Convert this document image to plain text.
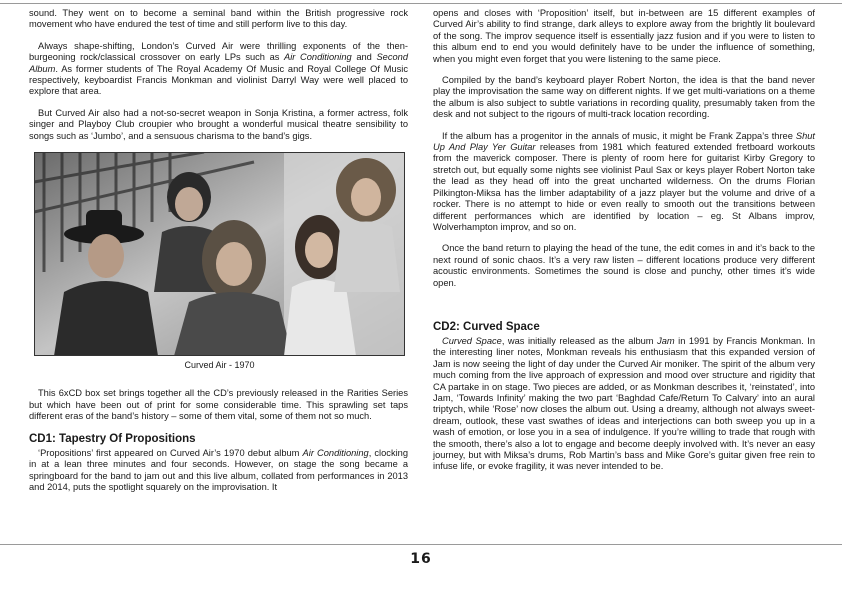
sound. They went on to become a seminal band within the British progressive rock movement who have endured the test of time and still perform live to this day.

Always shape-shifting, London’s Curved Air were thrilling exponents of the then-burgeoning rock/classical crossover on early LPs such as Air Conditioning and Second Album. As former students of The Royal Academy Of Music and Royal College Of Music respectively, keyboardist Francis Monkman and violinist Darryl Way were well placed to explore that area.

But Curved Air also had a not-so-secret weapon in Sonja Kristina, a former actress, folk singer and Playboy Club croupier who brought a wonderful musical theatre sensibility to songs such as ‘Jumbo’, and a sensuous charisma to the band’s gigs.

Curved Air - 1970

This 6xCD box set brings together all the CD’s previously released in the Rarities Series but which have been out of print for some considerable time. This sprawling set taps different eras of the band’s history – some of them vital, some of them not so much.

CD1: Tapestry Of Propositions

‘Propositions’ first appeared on Curved Air’s 1970 debut album Air Conditioning, clocking in at a lean three minutes and four seconds. However, on stage the song became a springboard for the band to jam out and this live album, collated from performances in 2013 and 2014, puts the spotlight squarely on the improvisation. It

opens and closes with ‘Proposition’ itself, but in-between are 15 different examples of Curved Air’s ability to find strange, dark alleys to explore away from the brightly lit boulevard of the song. The improv sequence itself is essentially jazz fusion and if you were to listen to this album end to end you would definitely have to be under the influence of something, when you might even forget that you were listening to the same piece.

Compiled by the band’s keyboard player Robert Norton, the idea is that the band never play the improvisation the same way on different nights. If we get multi-variations on a theme the album is also subject to subtle variations in recording quality, presumably taken from the desk and not subject to the rigours of multi-track location recording.

If the album has a progenitor in the annals of music, it might be Frank Zappa’s three Shut Up And Play Yer Guitar releases from 1981 which featured extended fretboard workouts from the maverick composer. There is plenty of room here for guitarist Kirby Gregory to stretch out, but equally some nights see violinist Paul Sax or keys player Robert Norton take the lead as they head off into the great uncharted wilderness. On the drums Florian Pilkington-Miksa has the limber adaptability of a jazz player but the volume and drive of a rocker. There is no attempt to hide or even really to smooth out the transitions between different performances which are identified by location – eg. St Albans improv, Wolverhampton improv, and so on.

Once the band return to playing the head of the tune, the edit comes in and it’s back to the next round of sonic chaos. It’s a very raw listen – different locations produce very different acoustic environments. Sometimes the sound is close and punchy, other times it’s wide open.

CD2: Curved Space

Curved Space, was initially released as the album Jam in 1991 by Francis Monkman. In the interesting liner notes, Monkman reveals his enthusiasm that this expanded version of Jam is now seeing the light of day under the Curved Air moniker. The spirit of the album very much coming from the live approach of expression and mood over structure and rigidity that CA partake in on stage. Two pieces are added, or as Monkman describes it, ‘reinstated’, into Jam, ‘Towards Infinity’ making the two part ‘Baghdad Cafe/Return To Calvary’ into an aural triptych, while ‘Rose’ now closes the album out. Using a dreamy, although not always sweet-dream, outlook, these vast swathes of ideas and interjections can both sweep you up in a wash of emotion, or lose you in a sea of indulgence. If you’re willing to trade that rough with the smooth, there’s also a lot to engage and become deeply involved with. It’s never an easy journey, but with Miksa’s drums, Rob Martin’s bass and Mike Gore’s guitar given free rein to infuse life, or evoke fragility, it was never intended to be.

16
